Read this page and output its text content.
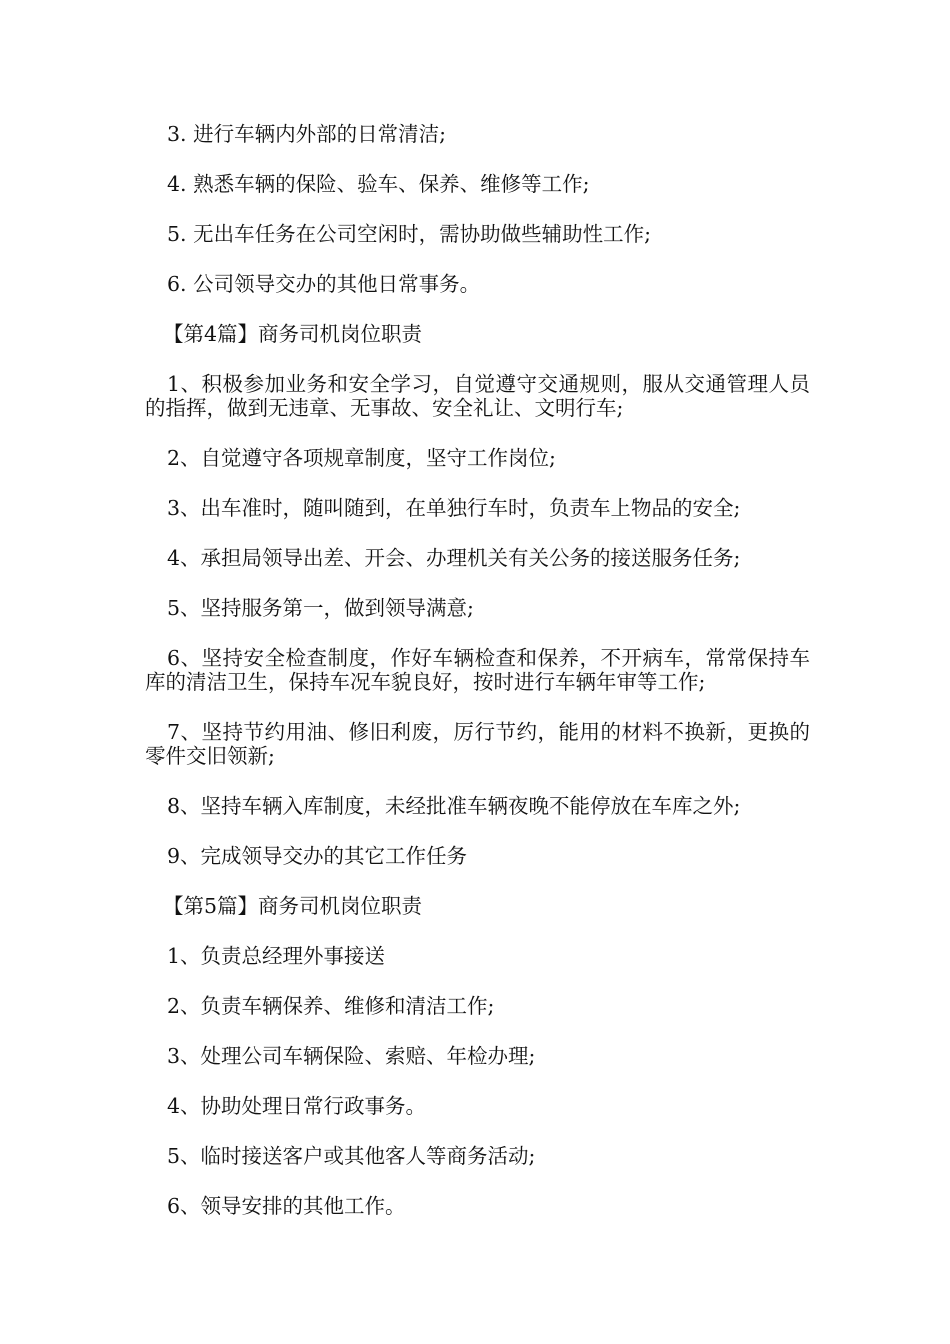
3. 进行车辆内外部的日常清洁;

4. 熟悉车辆的保险、验车、保养、维修等工作;

5. 无出车任务在公司空闲时，需协助做些辅助性工作;

6. 公司领导交办的其他日常事务。

【第4篇】商务司机岗位职责

1、积极参加业务和安全学习，自觉遵守交通规则，服从交通管理人员的指挥，做到无违章、无事故、安全礼让、文明行车;

2、自觉遵守各项规章制度，坚守工作岗位;

3、出车准时，随叫随到，在单独行车时，负责车上物品的安全;

4、承担局领导出差、开会、办理机关有关公务的接送服务任务;

5、坚持服务第一，做到领导满意;

6、坚持安全检查制度，作好车辆检查和保养，不开病车，常常保持车库的清洁卫生，保持车况车貌良好，按时进行车辆年审等工作;

7、坚持节约用油、修旧利废，厉行节约，能用的材料不换新，更换的零件交旧领新;

8、坚持车辆入库制度，未经批准车辆夜晚不能停放在车库之外;

9、完成领导交办的其它工作任务

【第5篇】商务司机岗位职责

1、负责总经理外事接送

2、负责车辆保养、维修和清洁工作;

3、处理公司车辆保险、索赔、年检办理;

4、协助处理日常行政事务。

5、临时接送客户或其他客人等商务活动;

6、领导安排的其他工作。
